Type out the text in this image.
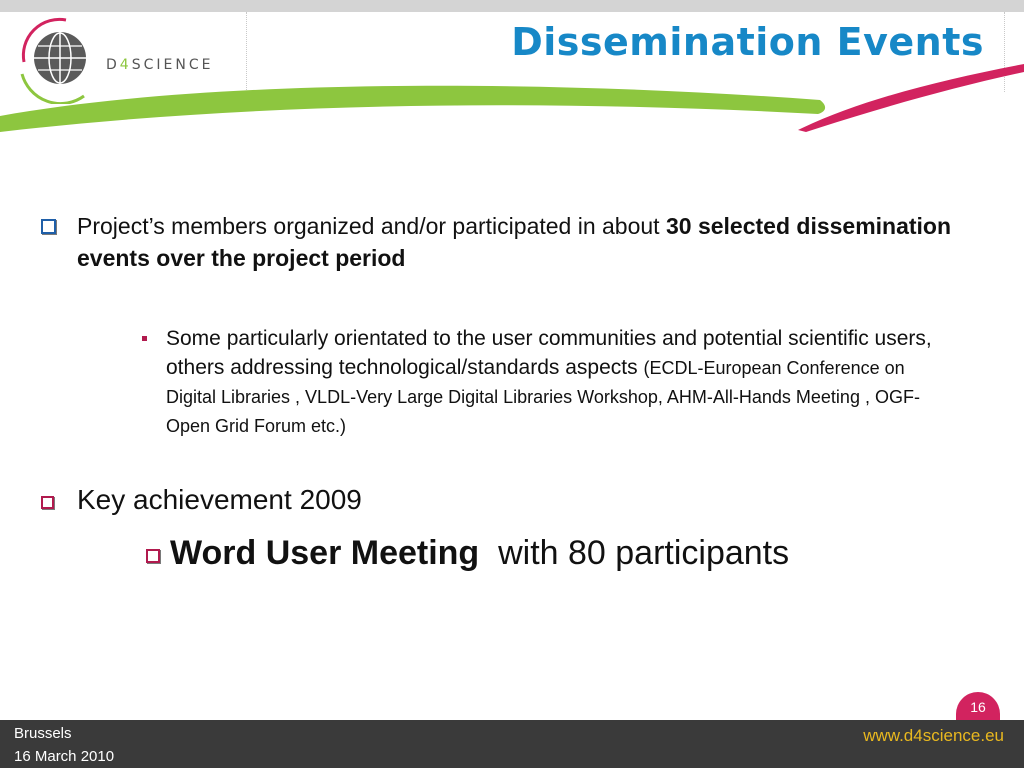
D4SCIENCE
Dissemination Events
Project’s members organized and/or participated in about 30 selected dissemination events over the project period
Some particularly orientated to the user communities and potential scientific users, others addressing technological/standards aspects (ECDL-European Conference on Digital Libraries , VLDL-Very Large Digital Libraries Workshop, AHM-All-Hands Meeting , OGF-Open Grid Forum etc.)
Key achievement 2009
Word User Meeting  with 80 participants
16
Brussels
16 March 2010
www.d4science.eu
